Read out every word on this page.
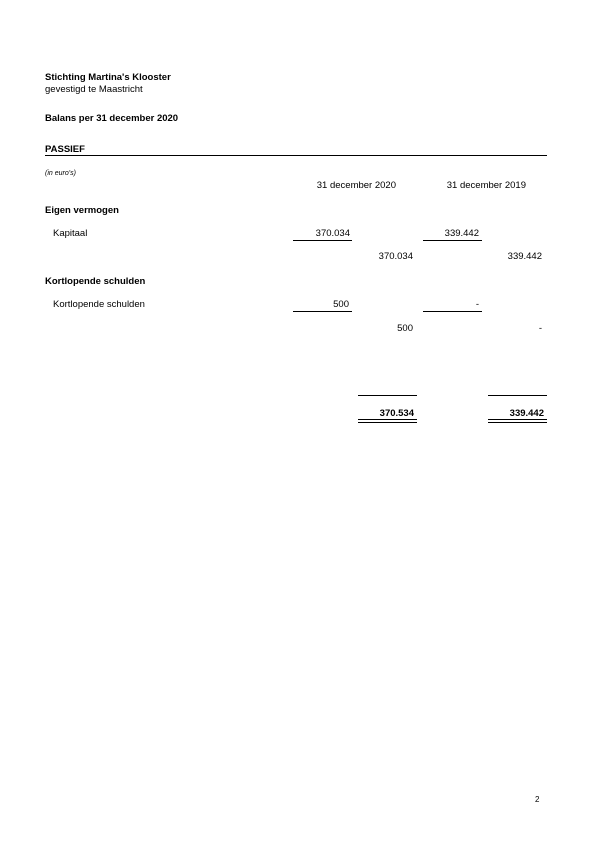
Stichting Martina's Klooster
gevestigd te Maastricht
Balans per 31 december 2020
PASSIEF
(in euro's)
31 december 2020	31 december 2019
Eigen vermogen
Kapitaal	370.034	339.442
370.034	339.442
Kortlopende schulden
Kortlopende schulden	500	-
500	-
370.534	339.442
2
